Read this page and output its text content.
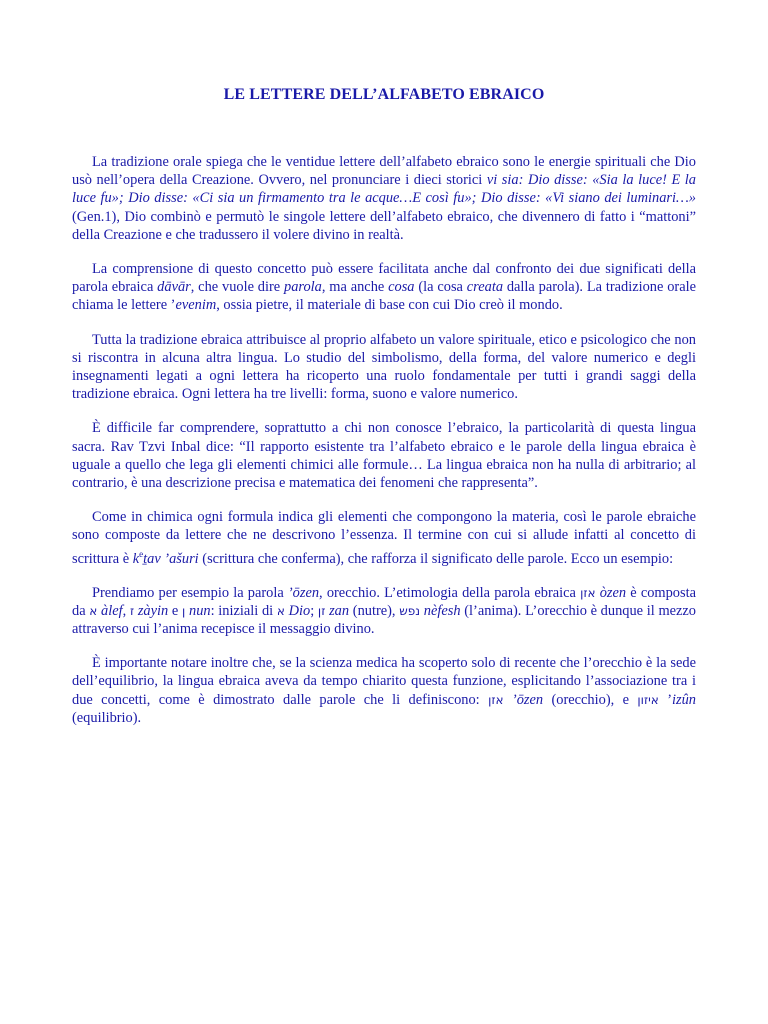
LE LETTERE DELL’ALFABETO EBRAICO

La tradizione orale spiega che le ventidue lettere dell’alfabeto ebraico sono le energie spirituali che Dio usò nell’opera della Creazione. Ovvero, nel pronunciare i dieci storici vi sia: Dio disse: «Sia la luce! E la luce fu»; Dio disse: «Ci sia un firmamento tra le acque…E così fu»; Dio disse: «Vi siano dei luminari…» (Gen.1), Dio combinò e permutò le singole lettere dell’alfabeto ebraico, che divennero di fatto i “mattoni” della Creazione e che tradussero il volere divino in realtà.

La comprensione di questo concetto può essere facilitata anche dal confronto dei due significati della parola ebraica dāvār, che vuole dire parola, ma anche cosa (la cosa creata dalla parola). La tradizione orale chiama le lettere ’evenim, ossia pietre, il materiale di base con cui Dio creò il mondo.

Tutta la tradizione ebraica attribuisce al proprio alfabeto un valore spirituale, etico e psicologico che non si riscontra in alcuna altra lingua. Lo studio del simbolismo, della forma, del valore numerico e degli insegnamenti legati a ogni lettera ha ricoperto una ruolo fondamentale per tutti i grandi saggi della tradizione ebraica. Ogni lettera ha tre livelli: forma, suono e valore numerico.

È difficile far comprendere, soprattutto a chi non conosce l’ebraico, la particolarità di questa lingua sacra. Rav Tzvi Inbal dice: “Il rapporto esistente tra l’alfabeto ebraico e le parole della lingua ebraica è uguale a quello che lega gli elementi chimici alle formule… La lingua ebraica non ha nulla di arbitrario; al contrario, è una descrizione precisa e matematica dei fenomeni che rappresenta”.

Come in chimica ogni formula indica gli elementi che compongono la materia, così le parole ebraiche sono composte da lettere che ne descrivono l’essenza. Il termine con cui si allude infatti al concetto di scrittura è $k^eṯav$ ’ašuri (scrittura che conferma), che rafforza il significato delle parole. Ecco un esempio:

Prendiamo per esempio la parola ’ōzen, orecchio. L’etimologia della parola ebraica אזן òzen è composta da א àlef, ז zàyin e ן nun: iniziali di א Dio; זן zan (nutre), נפש nèfesh (l’anima). L’orecchio è dunque il mezzo attraverso cui l’anima recepisce il messaggio divino.

È importante notare inoltre che, se la scienza medica ha scoperto solo di recente che l’orecchio è la sede dell’equilibrio, la lingua ebraica aveva da tempo chiarito questa funzione, esplicitando l’associazione tra i due concetti, come è dimostrato dalle parole che li definiscono: אזן ’ōzen (orecchio), e איזון ’izûn (equilibrio).
